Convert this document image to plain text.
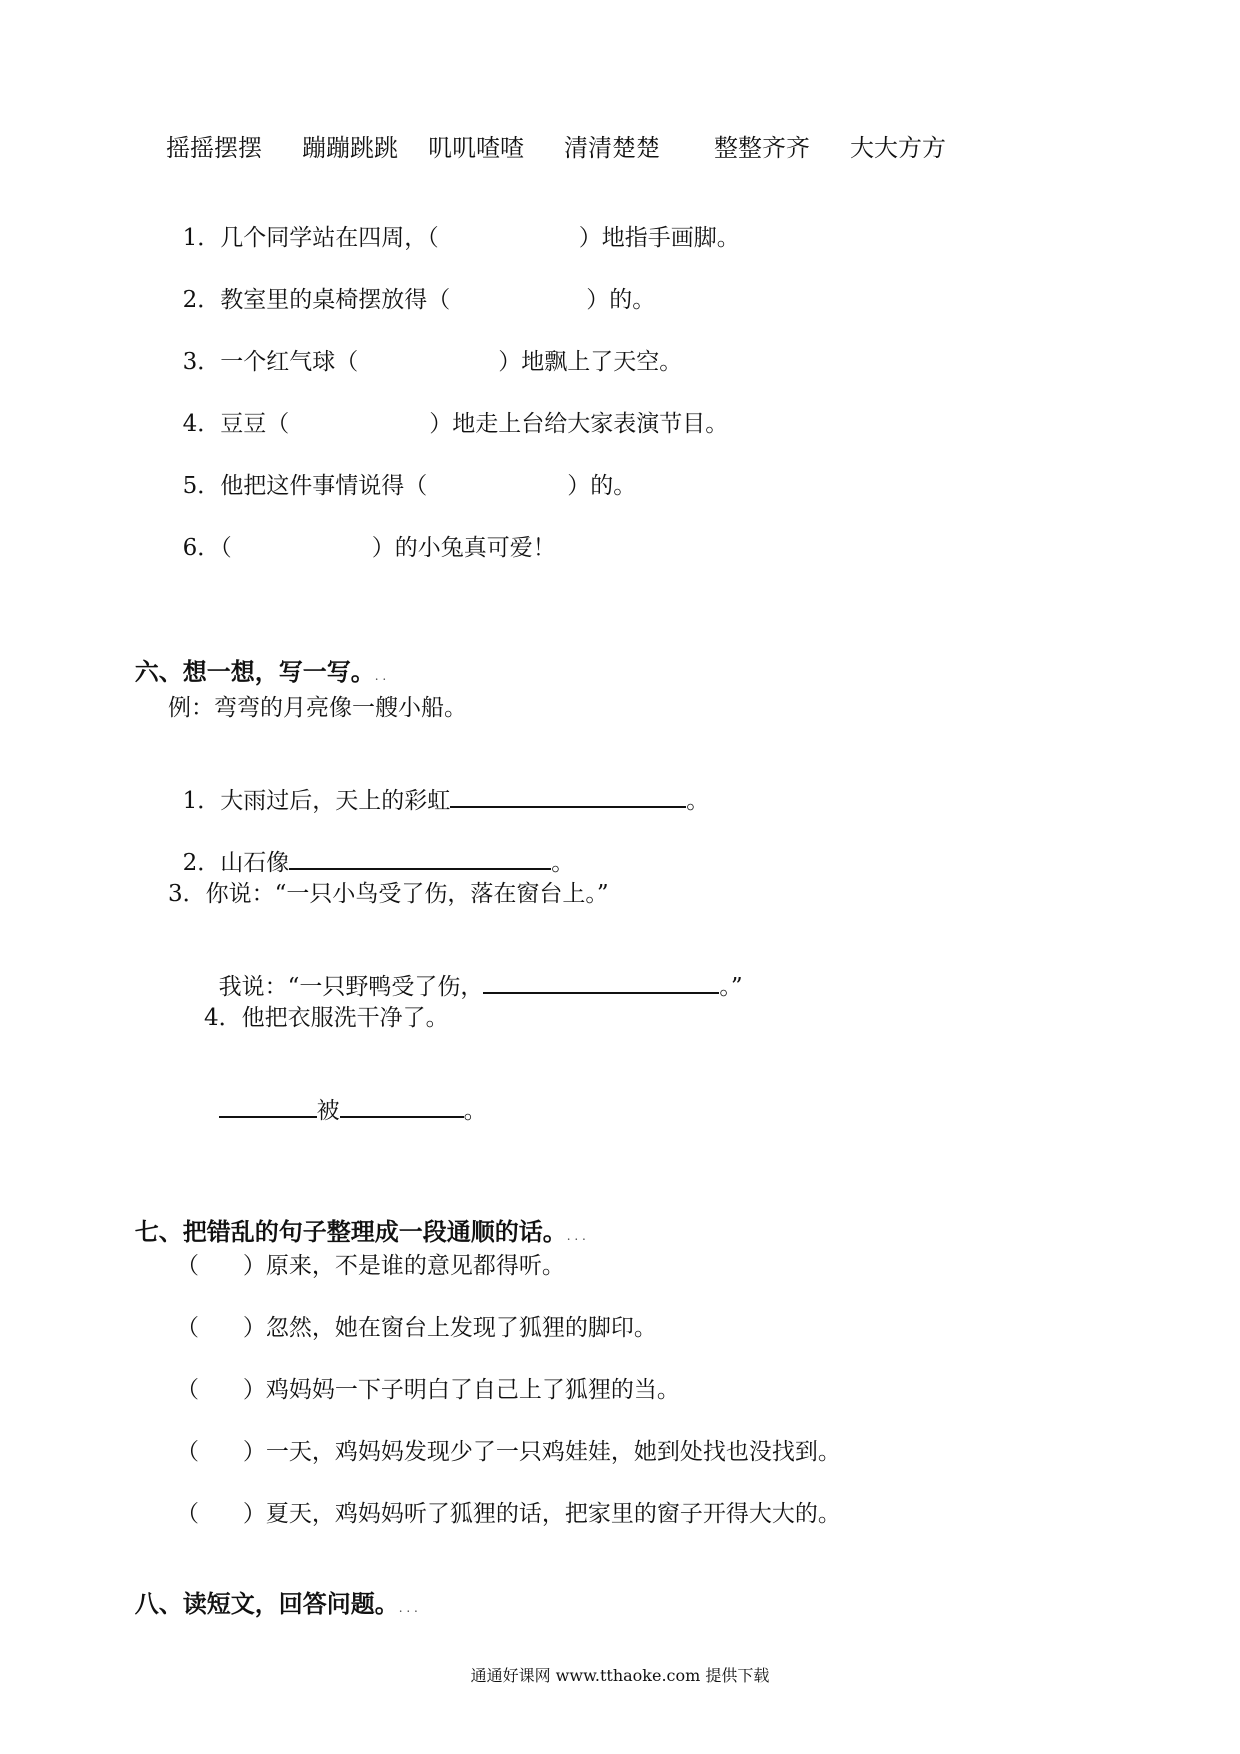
摇摇摆摆 蹦蹦跳跳 叽叽喳喳 清清楚楚 整整齐齐 大大方方

1．几个同学站在四周，（	）地指手画脚。

2．教室里的桌椅摆放得（	）的。

3．一个红气球（	）地飘上了天空。

4．豆豆（	）地走上台给大家表演节目。

5．他把这件事情说得（	）的。

6．（	）的小兔真可爱！

六、想一想，写一写。. .

例：弯弯的月亮像一艘小船。

1．大雨过后，天上的彩虹	。

2．山石像	。

3．你说：“一只小鸟受了伤，落在窗台上。”

我说：“一只野鸭受了伤，	。”

4．他把衣服洗干净了。

被	。

七、把错乱的句子整理成一段通顺的话。. . .

（      ）原来，不是谁的意见都得听。
（      ）忽然，她在窗台上发现了狐狸的脚印。
（      ）鸡妈妈一下子明白了自己上了狐狸的当。
（      ）一天，鸡妈妈发现少了一只鸡娃娃，她到处找也没找到。
（      ）夏天，鸡妈妈听了狐狸的话，把家里的窗子开得大大的。

八、读短文，回答问题。. . .

通通好课网 www.tthaoke.com 提供下载
